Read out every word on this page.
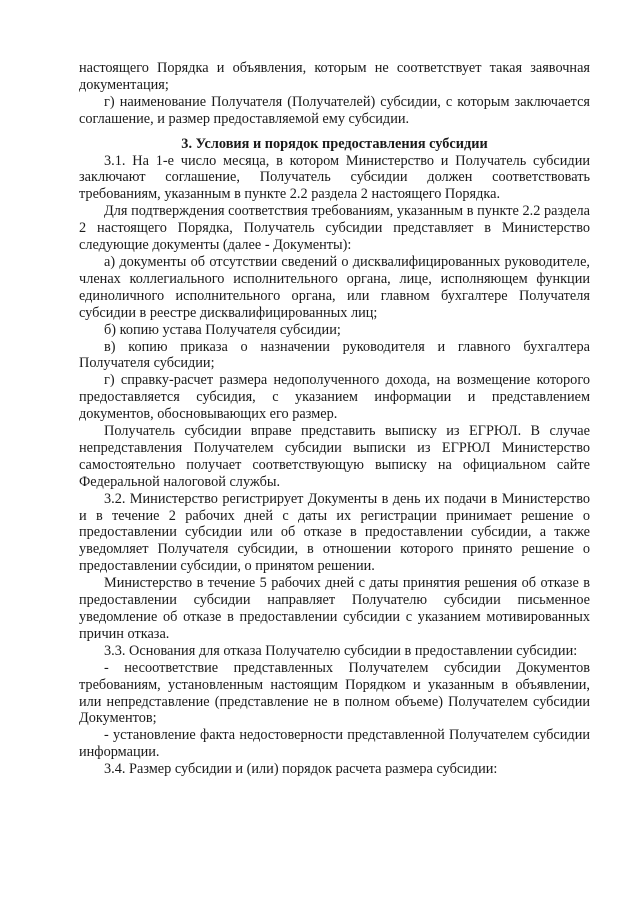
настоящего Порядка и объявления, которым не соответствует такая заявочная документация;

г) наименование Получателя (Получателей) субсидии, с которым заключается соглашение, и размер предоставляемой ему субсидии.

3. Условия и порядок предоставления субсидии

3.1. На 1-е число месяца, в котором Министерство и Получатель субсидии заключают соглашение, Получатель субсидии должен соответствовать требованиям, указанным в пункте 2.2 раздела 2 настоящего Порядка.

Для подтверждения соответствия требованиям, указанным в пункте 2.2 раздела 2 настоящего Порядка, Получатель субсидии представляет в Министерство следующие документы (далее - Документы):

а) документы об отсутствии сведений о дисквалифицированных руководителе, членах коллегиального исполнительного органа, лице, исполняющем функции единоличного исполнительного органа, или главном бухгалтере Получателя субсидии в реестре дисквалифицированных лиц;

б) копию устава Получателя субсидии;

в) копию приказа о назначении руководителя и главного бухгалтера Получателя субсидии;

г) справку-расчет размера недополученного дохода, на возмещение которого предоставляется субсидия, с указанием информации и представлением документов, обосновывающих его размер.

Получатель субсидии вправе представить выписку из ЕГРЮЛ. В случае непредставления Получателем субсидии выписки из ЕГРЮЛ Министерство самостоятельно получает соответствующую выписку на официальном сайте Федеральной налоговой службы.

3.2. Министерство регистрирует Документы в день их подачи в Министерство и в течение 2 рабочих дней с даты их регистрации принимает решение о предоставлении субсидии или об отказе в предоставлении субсидии, а также уведомляет Получателя субсидии, в отношении которого принято решение о предоставлении субсидии, о принятом решении.

Министерство в течение 5 рабочих дней с даты принятия решения об отказе в предоставлении субсидии направляет Получателю субсидии письменное уведомление об отказе в предоставлении субсидии с указанием мотивированных причин отказа.

3.3. Основания для отказа Получателю субсидии в предоставлении субсидии:

- несоответствие представленных Получателем субсидии Документов требованиям, установленным настоящим Порядком и указанным в объявлении, или непредставление (представление не в полном объеме) Получателем субсидии Документов;

- установление факта недостоверности представленной Получателем субсидии информации.

3.4. Размер субсидии и (или) порядок расчета размера субсидии:
